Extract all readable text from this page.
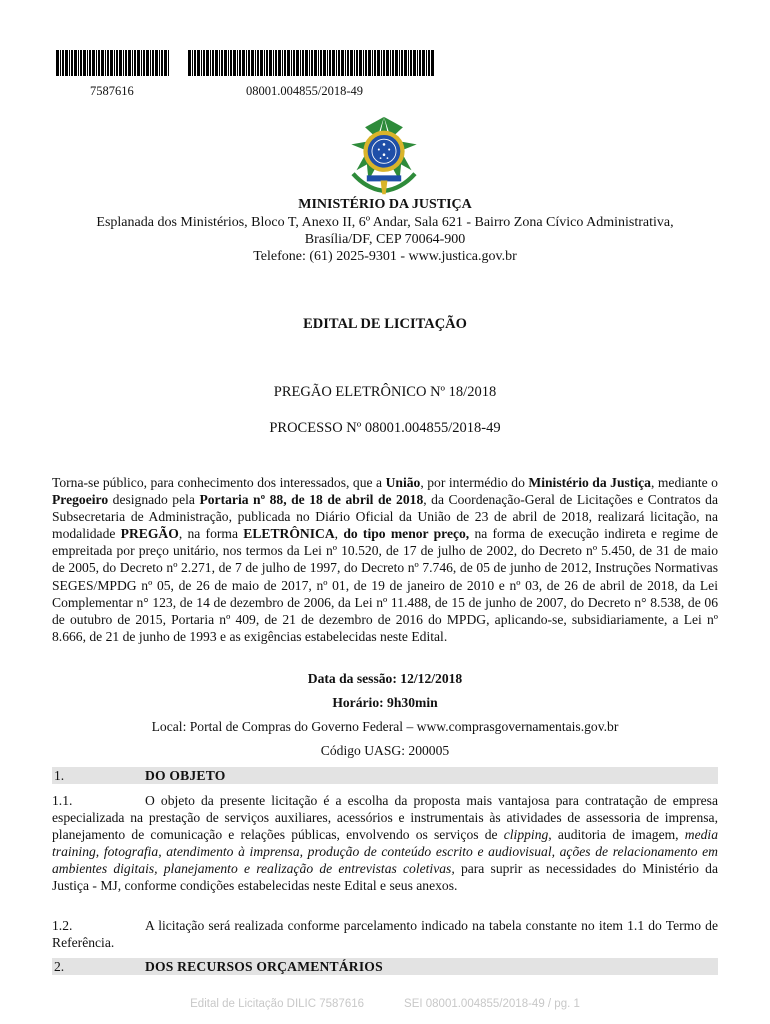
7587616	08001.004855/2018-49
MINISTÉRIO DA JUSTIÇA
Esplanada dos Ministérios, Bloco T, Anexo II, 6º Andar, Sala 621 - Bairro Zona Cívico Administrativa,
Brasília/DF, CEP 70064-900
Telefone: (61) 2025-9301 - www.justica.gov.br
EDITAL DE LICITAÇÃO
PREGÃO ELETRÔNICO Nº 18/2018
PROCESSO Nº 08001.004855/2018-49

Torna-se público, para conhecimento dos interessados, que a União, por intermédio do Ministério da Justiça, mediante o Pregoeiro designado pela Portaria nº 88, de 18 de abril de 2018, da Coordenação-Geral de Licitações e Contratos da Subsecretaria de Administração, publicada no Diário Oficial da União de 23 de abril de 2018, realizará licitação, na modalidade PREGÃO, na forma ELETRÔNICA, do tipo menor preço, na forma de execução indireta e regime de empreitada por preço unitário, nos termos da Lei nº 10.520, de 17 de julho de 2002, do Decreto nº 5.450, de 31 de maio de 2005, do Decreto nº 2.271, de 7 de julho de 1997, do Decreto nº 7.746, de 05 de junho de 2012, Instruções Normativas SEGES/MPDG nº 05, de 26 de maio de 2017, nº 01, de 19 de janeiro de 2010 e nº 03, de 26 de abril de 2018, da Lei Complementar n° 123, de 14 de dezembro de 2006, da Lei nº 11.488, de 15 de junho de 2007, do Decreto n° 8.538, de 06 de outubro de 2015, Portaria nº 409, de 21 de dezembro de 2016 do MPDG, aplicando-se, subsidiariamente, a Lei nº 8.666, de 21 de junho de 1993 e as exigências estabelecidas neste Edital.

Data da sessão: 12/12/2018
Horário: 9h30min
Local: Portal de Compras do Governo Federal – www.comprasgovernamentais.gov.br
Código UASG: 200005
1.	DO OBJETO

1.1.	O objeto da presente licitação é a escolha da proposta mais vantajosa para contratação de empresa especializada na prestação de serviços auxiliares, acessórios e instrumentais às atividades de assessoria de imprensa, planejamento de comunicação e relações públicas, envolvendo os serviços de clipping, auditoria de imagem, media training, fotografia, atendimento à imprensa, produção de conteúdo escrito e audiovisual, ações de relacionamento em ambientes digitais, planejamento e realização de entrevistas coletivas, para suprir as necessidades do Ministério da Justiça - MJ, conforme condições estabelecidas neste Edital e seus anexos.

1.2.	A licitação será realizada conforme parcelamento indicado na tabela constante no item 1.1 do Termo de Referência.

2.	DOS RECURSOS ORÇAMENTÁRIOS
Edital de Licitação DILIC 7587616	SEI 08001.004855/2018-49 / pg. 1
